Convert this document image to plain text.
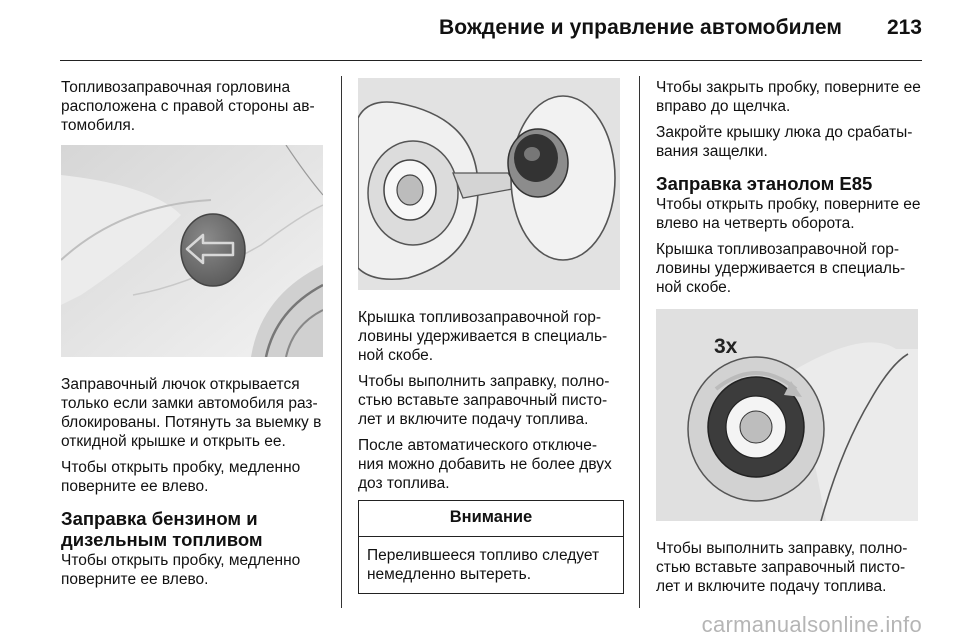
Вождение и управление автомобилем 213

Топливозаправочная горловина расположена с правой стороны ав- томобиля.

Заправочный лючок открывается только если замки автомобиля раз- блокированы. Потянуть за выемку в откидной крышке и открыть ее.

Чтобы открыть пробку, медленно поверните ее влево.

Заправка бензином и дизельным топливом

Чтобы открыть пробку, медленно поверните ее влево.

Крышка топливозаправочной гор- ловины удерживается в специаль- ной скобе.

Чтобы выполнить заправку, полно- стью вставьте заправочный писто- лет и включите подачу топлива.

После автоматического отключе- ния можно добавить не более двух доз топлива.

Внимание
Перелившееся топливо следует немедленно вытереть.

Чтобы закрыть пробку, поверните ее вправо до щелчка.

Закройте крышку люка до срабаты- вания защелки.

Заправка этанолом E85

Чтобы открыть пробку, поверните ее влево на четверть оборота.

Крышка топливозаправочной гор- ловины удерживается в специаль- ной скобе.

3x

Чтобы выполнить заправку, полно- стью вставьте заправочный писто- лет и включите подачу топлива.

carmanualsonline.info
